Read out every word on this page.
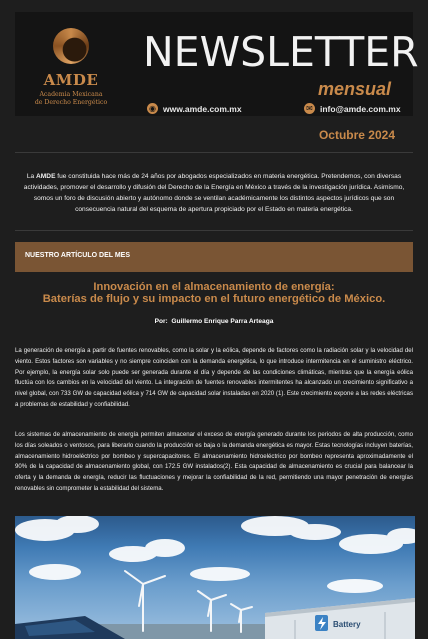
AMDE
Academia Mexicana
de Derecho Energético
NEWSLETTER
mensual
◉ www.amde.com.mx	✉ info@amde.com.mx
Octubre 2024
La AMDE fue constituida hace más de 24 años por abogados especializados en materia energética. Pretendemos, con diversas actividades, promover el desarrollo y difusión del Derecho de la Energía en México a través de la investigación jurídica. Asimismo, somos un foro de discusión abierto y autónomo donde se ventilan académicamente los distintos aspectos jurídicos que son consecuencia natural del esquema de apertura propiciado por el Estado en materia energética.
NUESTRO ARTÍCULO DEL MES
Innovación en el almacenamiento de energía:
Baterías de flujo y su impacto en el futuro energético de México.
Por: Guillermo Enrique Parra Arteaga
La generación de energía a partir de fuentes renovables, como la solar y la eólica, depende de factores como la radiación solar y la velocidad del viento. Estos factores son variables y no siempre coinciden con la demanda energética, lo que introduce intermitencia en el suministro eléctrico. Por ejemplo, la energía solar solo puede ser generada durante el día y depende de las condiciones climáticas, mientras que la energía eólica fluctúa con los cambios en la velocidad del viento. La integración de fuentes renovables intermitentes ha alcanzado un crecimiento significativo a nivel global, con 733 GW de capacidad eólica y 714 GW de capacidad solar instaladas en 2020 (1). Este crecimiento expone a las redes eléctricas a problemas de estabilidad y confiabilidad.
Los sistemas de almacenamiento de energía permiten almacenar el exceso de energía generado durante los periodos de alta producción, como los días soleados o ventosos, para liberarlo cuando la producción es baja o la demanda energética es mayor. Estas tecnologías incluyen baterías, almacenamiento hidroeléctrico por bombeo y supercapacitores. El almacenamiento hidroeléctrico por bombeo representa aproximadamente el 90% de la capacidad de almacenamiento global, con 172.5 GW instalados(2). Esta capacidad de almacenamiento es crucial para balancear la oferta y la demanda de energía, reducir las fluctuaciones y mejorar la confiabilidad de la red, permitiendo una mayor penetración de energías renovables sin comprometer la estabilidad del sistema.
Battery
